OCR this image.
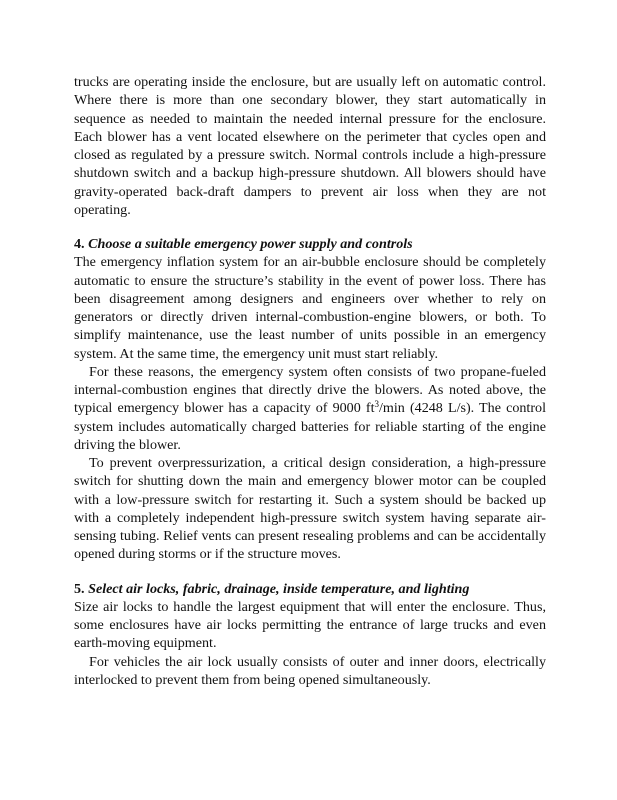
trucks are operating inside the enclosure, but are usually left on automatic control. Where there is more than one secondary blower, they start automatically in sequence as needed to maintain the needed internal pressure for the enclosure. Each blower has a vent located elsewhere on the perimeter that cycles open and closed as regulated by a pressure switch. Normal controls include a high-pressure shutdown switch and a backup high-pressure shutdown. All blowers should have gravity-operated back-draft dampers to prevent air loss when they are not operating.

4. Choose a suitable emergency power supply and controls

The emergency inflation system for an air-bubble enclosure should be completely automatic to ensure the structure’s stability in the event of power loss. There has been disagreement among designers and engineers over whether to rely on generators or directly driven internal-combustion-engine blowers, or both. To simplify maintenance, use the least number of units possible in an emergency system. At the same time, the emergency unit must start reliably.

For these reasons, the emergency system often consists of two propane-fueled internal-combustion engines that directly drive the blowers. As noted above, the typical emergency blower has a capacity of 9000 $ft^3/\min$ (4248 L/s). The control system includes automatically charged batteries for reliable starting of the engine driving the blower.

To prevent overpressurization, a critical design consideration, a high-pressure switch for shutting down the main and emergency blower motor can be coupled with a low-pressure switch for restarting it. Such a system should be backed up with a completely independent high-pressure switch system having separate air-sensing tubing. Relief vents can present resealing problems and can be accidentally opened during storms or if the structure moves.

5. Select air locks, fabric, drainage, inside temperature, and lighting

Size air locks to handle the largest equipment that will enter the enclosure. Thus, some enclosures have air locks permitting the entrance of large trucks and even earth-moving equipment.

For vehicles the air lock usually consists of outer and inner doors, electrically interlocked to prevent them from being opened simultaneously.
